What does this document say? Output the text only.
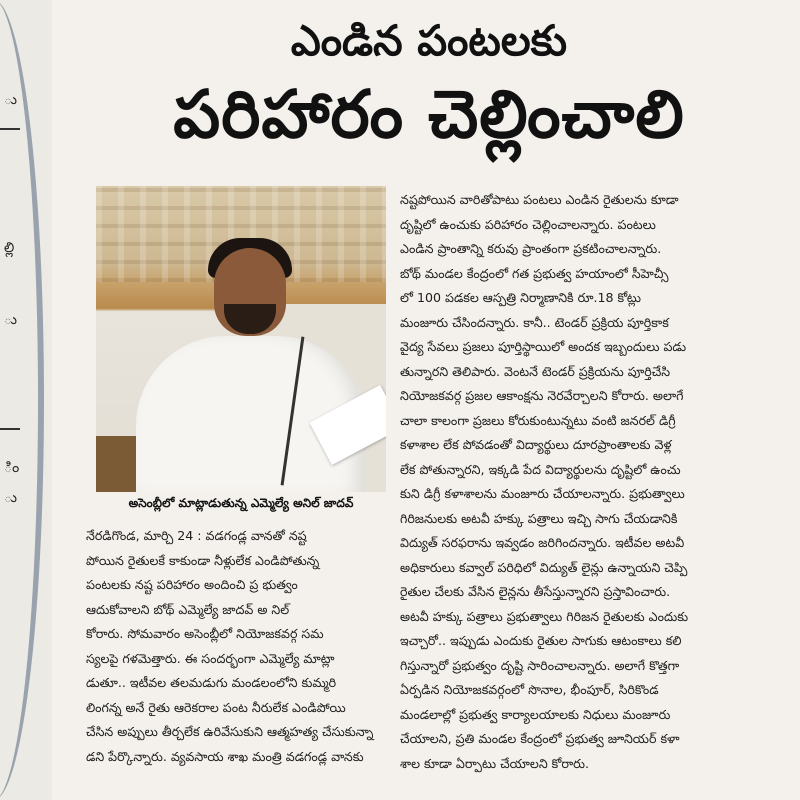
ు
ల్లి
ు
ిం
ు
ఎండిన పంటలకు
పరిహారం చెల్లించాలి
అసెంబ్లీలో మాట్లాడుతున్న ఎమ్మెల్యే అనిల్ జాదవ్
నేరడిగొండ, మార్చి 24 : వడగండ్ల వానతో నష్ట
పోయిన రైతులకే కాకుండా నీళ్లులేక ఎండిపోతున్న
పంటలకు నష్ట పరిహారం అందించి ప్ర భుత్వం
ఆదుకోవాలని బోథ్ ఎమ్మెల్యే జాదవ్ అ నిల్
కోరారు. సోమవారం అసెంబ్లీలో నియోజకవర్గ సమ
స్యలపై గళమెత్తారు. ఈ సందర్భంగా ఎమ్మెల్యే మాట్లా
డుతూ.. ఇటీవల తలమడుగు మండలంలోని కుమ్మరి
లింగన్న అనే రైతు ఆరెకరాల పంట నీరులేక ఎండిపోయి
చేసిన అప్పులు తీర్చలేక ఉరివేసుకుని ఆత్మహత్య చేసుకున్నా
డని పేర్కొన్నారు. వ్యవసాయ శాఖ మంత్రి వడగండ్ల వానకు
నష్టపోయిన వారితోపాటు పంటలు ఎండిన రైతులను కూడా
దృష్టిలో ఉంచుకు పరిహారం చెల్లించాలన్నారు. పంటలు
ఎండిన ప్రాంతాన్ని కరువు ప్రాంతంగా ప్రకటించాలన్నారు.
బోథ్ మండల కేంద్రంలో గత ప్రభుత్వ హయాంలో సీహెచ్సీ
లో 100 పడకల ఆస్పత్రి నిర్మాణానికి రూ.18 కోట్లు
మంజూరు చేసిందన్నారు. కానీ.. టెండర్ ప్రక్రియ పూర్తికాక
వైద్య సేవలు ప్రజలు పూర్తిస్థాయిలో అందక ఇబ్బందులు పడు
తున్నారని తెలిపారు. వెంటనే టెండర్ ప్రక్రియను పూర్తిచేసి
నియోజకవర్గ ప్రజల ఆకాంక్షను నెరవేర్చాలని కోరారు. అలాగే
చాలా కాలంగా ప్రజలు కోరుకుంటున్నటు వంటి జనరల్ డిగ్రీ
కళాశాల లేక పోవడంతో విద్యార్థులు దూరప్రాంతాలకు వెళ్ల
లేక పోతున్నారని, ఇక్కడి పేద విద్యార్థులను దృష్టిలో ఉంచు
కుని డిగ్రీ కళాశాలను మంజూరు చేయాలన్నారు. ప్రభుత్వాలు
గిరిజనులకు అటవీ హక్కు పత్రాలు ఇచ్చి సాగు చేయడానికి
విద్యుత్ సరఫరాను ఇవ్వడం జరిగిందన్నారు. ఇటీవల అటవీ
అధికారులు కవ్వాల్ పరిధిలో విద్యుత్ లైన్లు ఉన్నాయని చెప్పి
రైతుల చేలకు వేసిన లైన్లను తీసేస్తున్నారని ప్రస్తావించారు.
అటవీ హక్కు పత్రాలు ప్రభుత్వాలు గిరిజన రైతులకు ఎందుకు
ఇచ్చారో.. ఇప్పుడు ఎందుకు రైతుల సాగుకు ఆటంకాలు కలి
గిస్తున్నారో ప్రభుత్వం దృష్టి సారించాలన్నారు. అలాగే కొత్తగా
ఏర్పడిన నియోజకవర్గంలో సొనాల, భీంపూర్, సిరికొండ
మండలాల్లో ప్రభుత్వ కార్యాలయాలకు నిధులు మంజూరు
చేయాలని, ప్రతి మండల కేంద్రంలో ప్రభుత్వ జూనియర్ కళా
శాల కూడా ఏర్పాటు చేయాలని కోరారు.
